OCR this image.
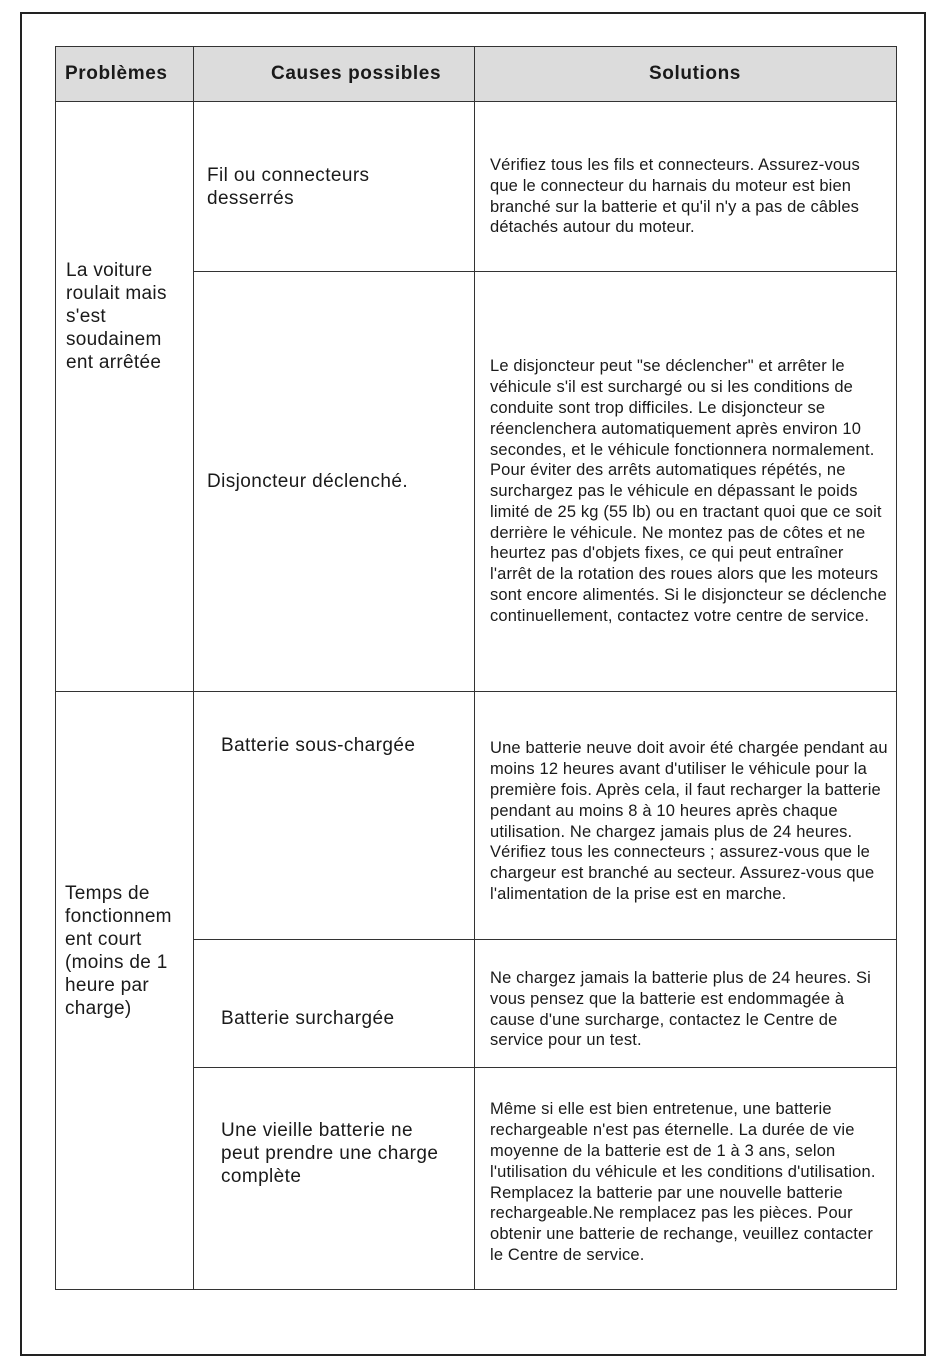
Problèmes	Causes possibles	Solutions
La voiture roulait mais s'est soudainem ent arrêtée	Fil ou connecteurs desserrés	Vérifiez tous les fils et connecteurs. Assurez-vous que le connecteur du harnais du moteur est bien branché sur la batterie et qu'il n'y a pas de câbles détachés autour du moteur.

	Disjoncteur déclenché.	Le disjoncteur peut "se déclencher" et arrêter le véhicule s'il est surchargé ou si les conditions de conduite sont trop difficiles. Le disjoncteur se réenclenchera automatiquement après environ 10 secondes, et le véhicule fonctionnera normalement. Pour éviter des arrêts automatiques répétés, ne surchargez pas le véhicule en dépassant le poids limité de 25 kg (55 lb) ou en tractant quoi que ce soit derrière le véhicule. Ne montez pas de côtes et ne heurtez pas d'objets fixes, ce qui peut entraîner l'arrêt de la rotation des roues alors que les moteurs sont encore alimentés. Si le disjoncteur se déclenche continuellement, contactez votre centre de service.

Temps de fonctionnem ent court (moins de 1 heure par charge)	Batterie sous-chargée	Une batterie neuve doit avoir été chargée pendant au moins 12 heures avant d'utiliser le véhicule pour la première fois. Après cela, il faut recharger la batterie pendant au moins 8 à 10 heures après chaque utilisation. Ne chargez jamais plus de 24 heures. Vérifiez tous les connecteurs ; assurez-vous que le chargeur est branché au secteur. Assurez-vous que l'alimentation de la prise est en marche.

	Batterie surchargée	Ne chargez jamais la batterie plus de 24 heures. Si vous pensez que la batterie est endommagée à cause d'une surcharge, contactez le Centre de service pour un test.

	Une vieille batterie ne peut prendre une charge complète	Même si elle est bien entretenue, une batterie rechargeable n'est pas éternelle. La durée de vie moyenne de la batterie est de 1 à 3 ans, selon l'utilisation du véhicule et les conditions d'utilisation. Remplacez la batterie par une nouvelle batterie rechargeable.Ne remplacez pas les pièces. Pour obtenir une batterie de rechange, veuillez contacter le Centre de service.
